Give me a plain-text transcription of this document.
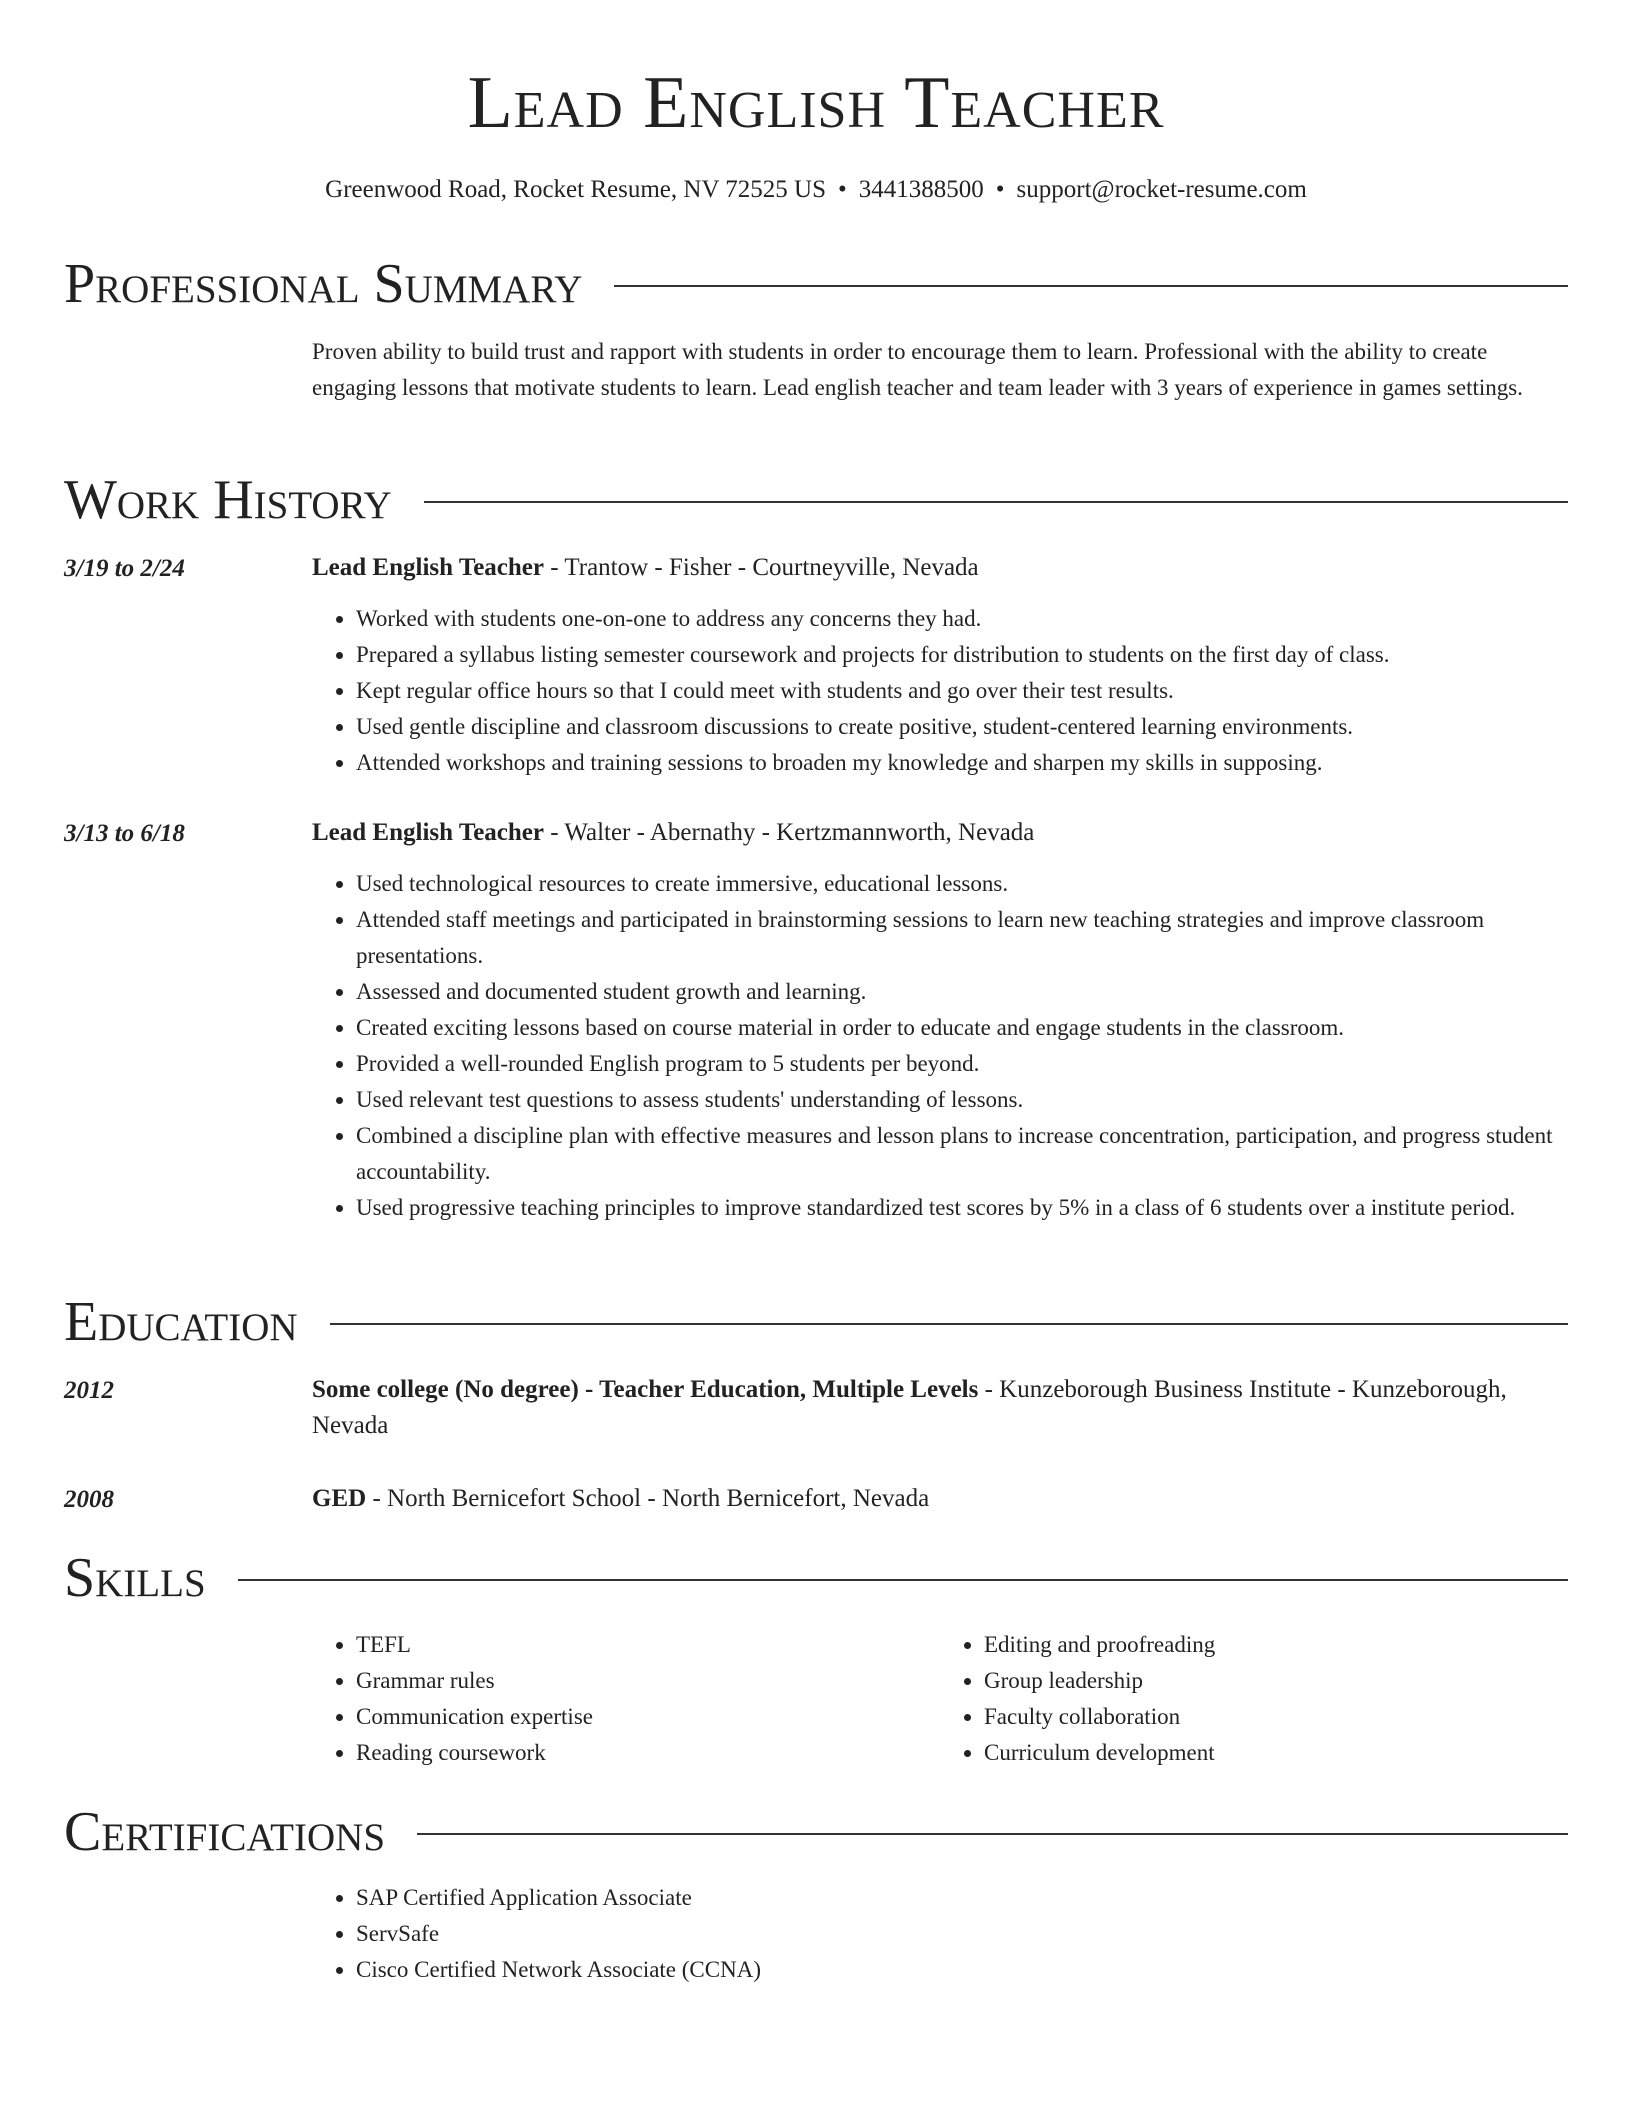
Lead English Teacher
Greenwood Road, Rocket Resume, NV 72525 US • 3441388500 • support@rocket-resume.com
Professional Summary
Proven ability to build trust and rapport with students in order to encourage them to learn. Professional with the ability to create engaging lessons that motivate students to learn. Lead english teacher and team leader with 3 years of experience in games settings.
Work History
3/19 to 2/24	Lead English Teacher - Trantow - Fisher - Courtneyville, Nevada
• Worked with students one-on-one to address any concerns they had.
• Prepared a syllabus listing semester coursework and projects for distribution to students on the first day of class.
• Kept regular office hours so that I could meet with students and go over their test results.
• Used gentle discipline and classroom discussions to create positive, student-centered learning environments.
• Attended workshops and training sessions to broaden my knowledge and sharpen my skills in supposing.
3/13 to 6/18	Lead English Teacher - Walter - Abernathy - Kertzmannworth, Nevada
• Used technological resources to create immersive, educational lessons.
• Attended staff meetings and participated in brainstorming sessions to learn new teaching strategies and improve classroom presentations.
• Assessed and documented student growth and learning.
• Created exciting lessons based on course material in order to educate and engage students in the classroom.
• Provided a well-rounded English program to 5 students per beyond.
• Used relevant test questions to assess students' understanding of lessons.
• Combined a discipline plan with effective measures and lesson plans to increase concentration, participation, and progress student accountability.
• Used progressive teaching principles to improve standardized test scores by 5% in a class of 6 students over a institute period.
Education
2012	Some college (No degree) - Teacher Education, Multiple Levels - Kunzeborough Business Institute - Kunzeborough, Nevada
2008	GED - North Bernicefort School - North Bernicefort, Nevada
Skills
• TEFL
• Grammar rules
• Communication expertise
• Reading coursework
• Editing and proofreading
• Group leadership
• Faculty collaboration
• Curriculum development
Certifications
• SAP Certified Application Associate
• ServSafe
• Cisco Certified Network Associate (CCNA)
